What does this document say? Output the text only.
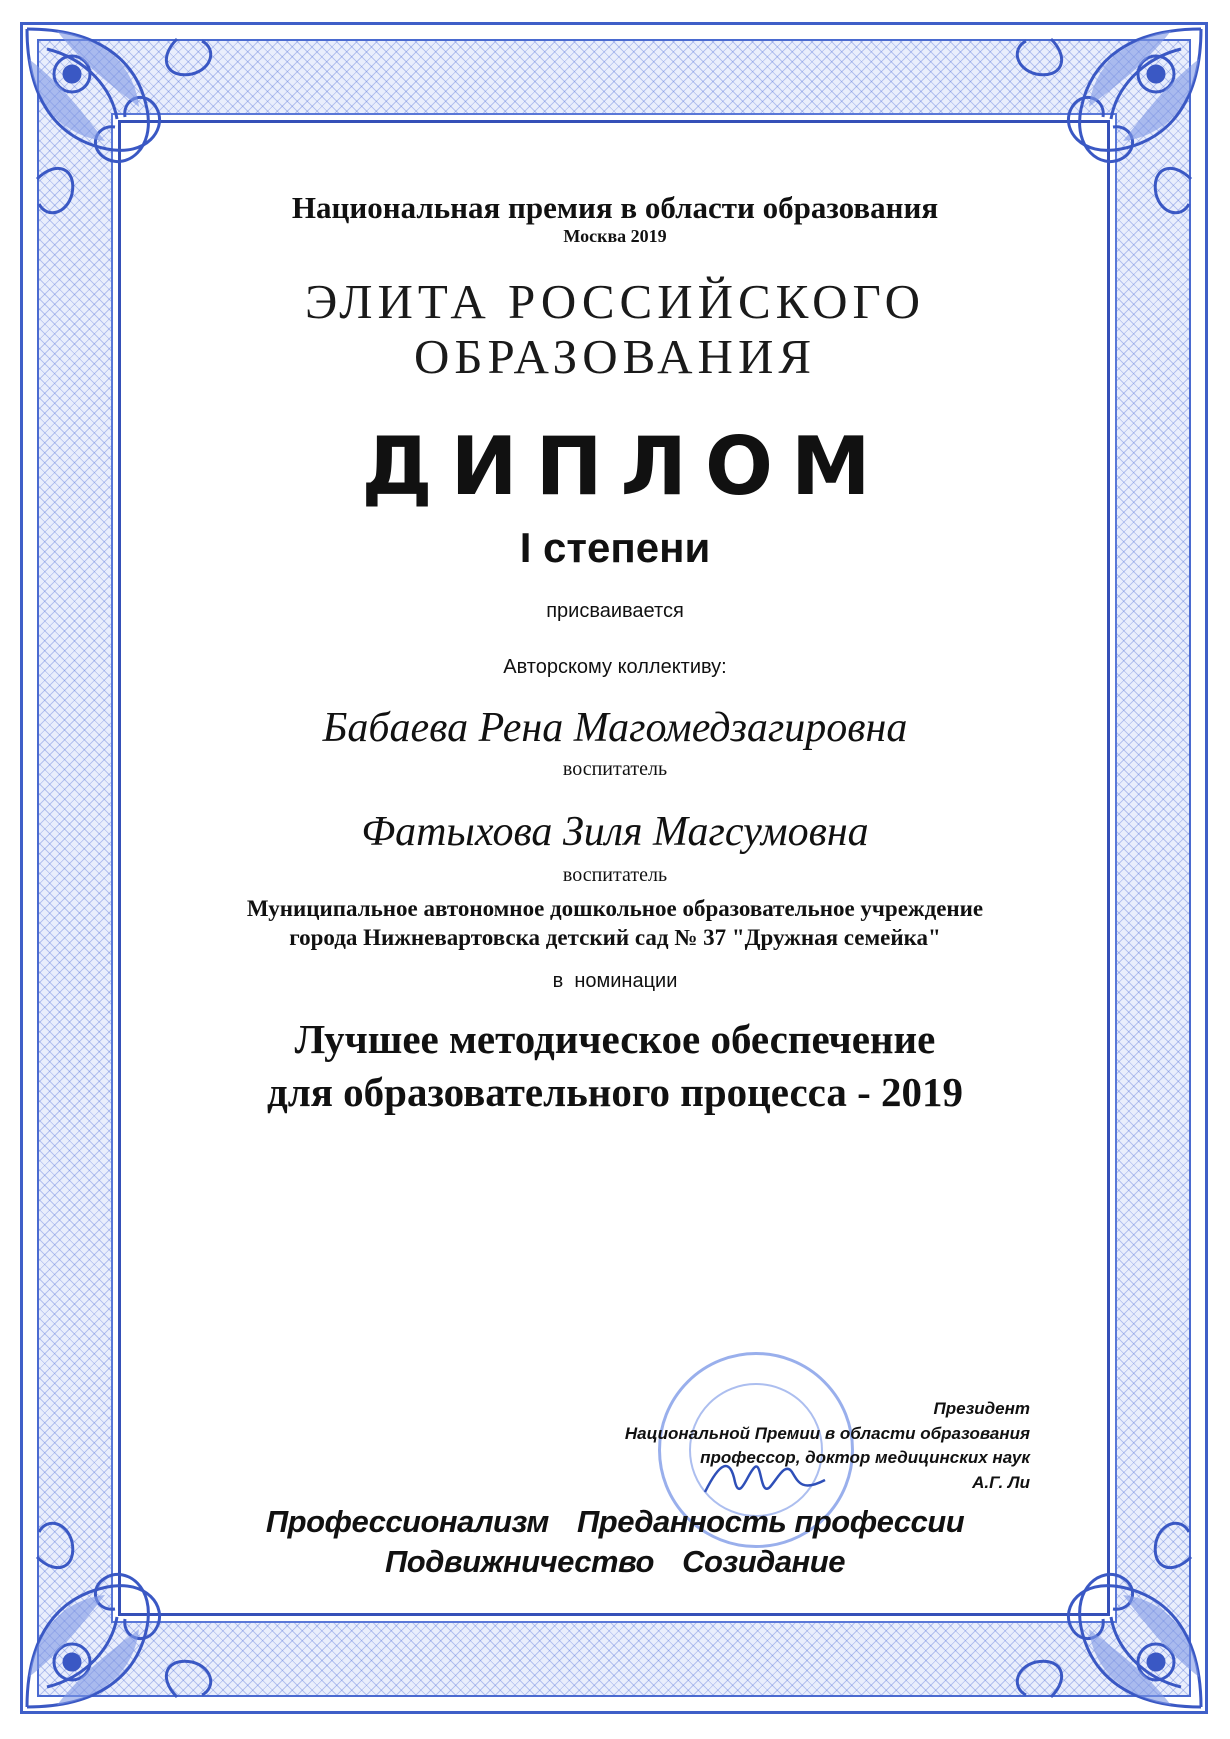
Национальная премия в области образования

Москва 2019

ЭЛИТА РОССИЙСКОГО
ОБРАЗОВАНИЯ
ДИПЛОМ
I степени
присваивается
Авторскому коллективу:
Бабаева Рена Магомедзагировна
воспитатель
Фатыхова Зиля Магсумовна
воспитатель
Муниципальное автономное дошкольное образовательное учреждение
города Нижневартовска детский сад № 37 "Дружная семейка"
в  номинации
Лучшее методическое обеспечение
для образовательного процесса - 2019
Президент
Национальной Премии в области образования
профессор, доктор медицинских наук
А.Г. Ли
Профессионализм Преданность профессии
Подвижничество Созидание
